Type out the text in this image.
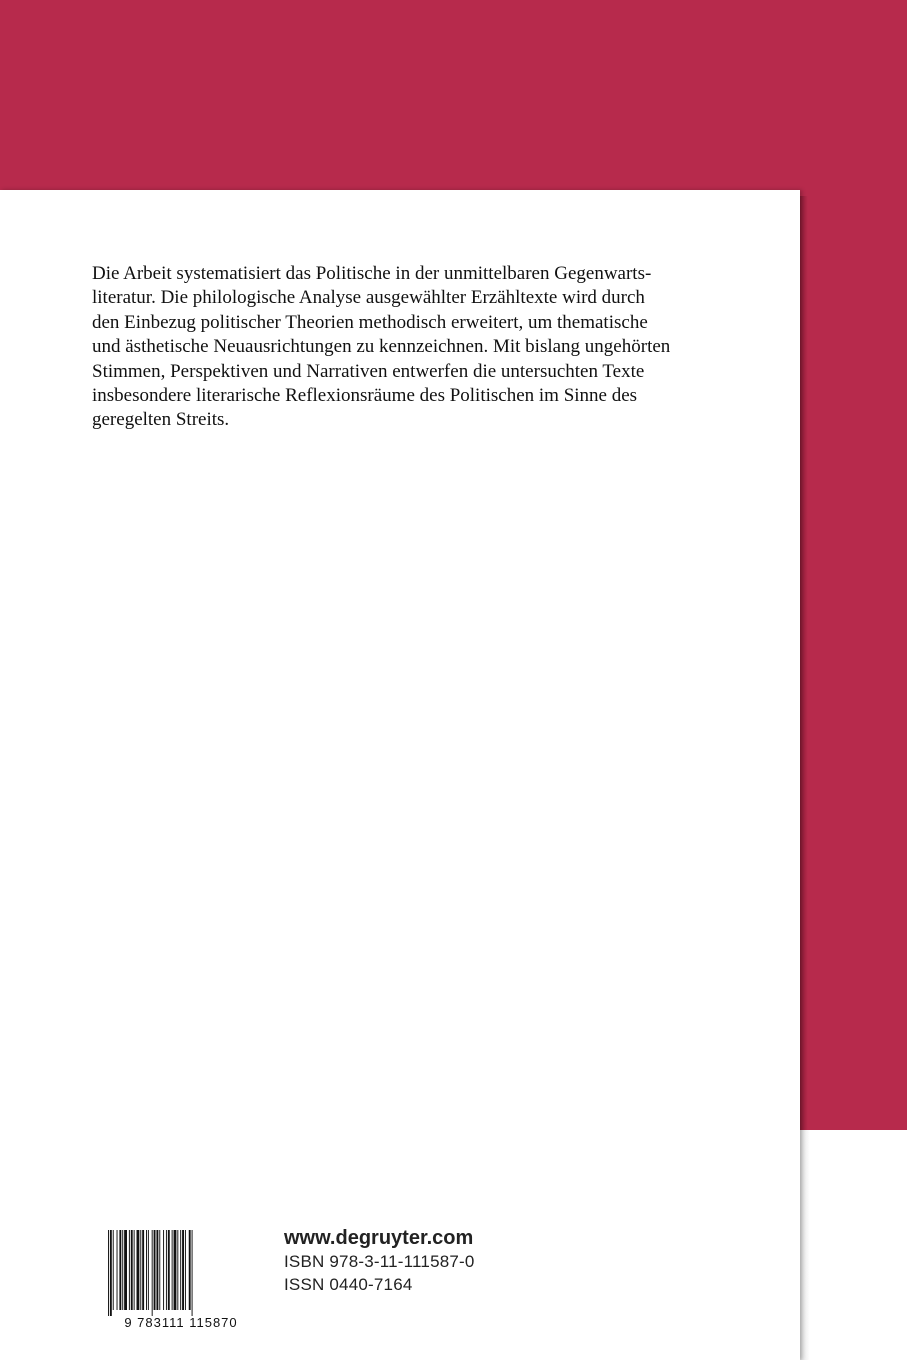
Die Arbeit systematisiert das Politische in der unmittelbaren Gegenwarts-
literatur. Die philologische Analyse ausgewählter Erzähltexte wird durch
den Einbezug politischer Theorien methodisch erweitert, um thematische
und ästhetische Neuausrichtungen zu kennzeichnen. Mit bislang ungehörten
Stimmen, Perspektiven und Narrativen entwerfen die untersuchten Texte
insbesondere literarische Reflexionsräume des Politischen im Sinne des
geregelten Streits.

9 783111 115870
www.degruyter.com
ISBN 978-3-11-111587-0
ISSN 0440-7164
